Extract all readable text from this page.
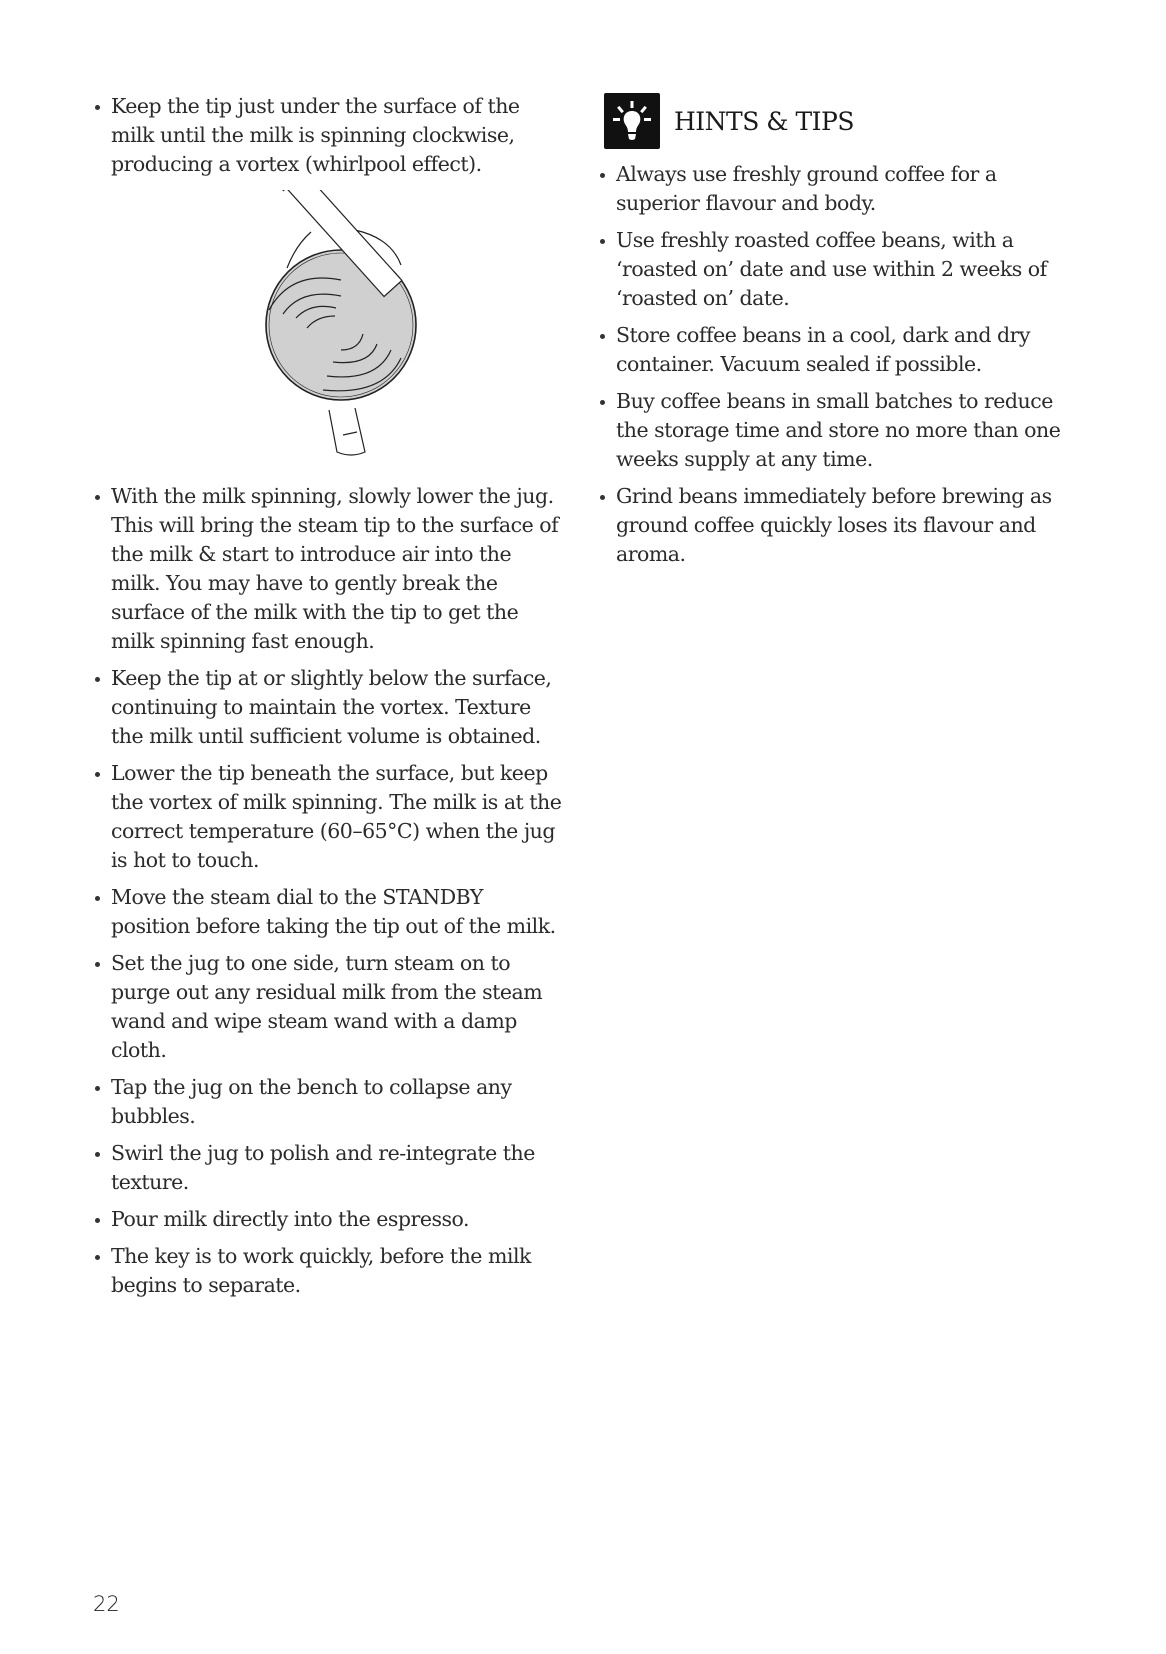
Keep the tip just under the surface of the milk until the milk is spinning clockwise, producing a vortex (whirlpool effect).
With the milk spinning, slowly lower the jug. This will bring the steam tip to the surface of the milk & start to introduce air into the milk. You may have to gently break the surface of the milk with the tip to get the milk spinning fast enough.
Keep the tip at or slightly below the surface, continuing to maintain the vortex. Texture the milk until sufficient volume is obtained.
Lower the tip beneath the surface, but keep the vortex of milk spinning. The milk is at the correct temperature (60–65°C) when the jug is hot to touch.
Move the steam dial to the STANDBY position before taking the tip out of the milk.
Set the jug to one side, turn steam on to purge out any residual milk from the steam wand and wipe steam wand with a damp cloth.
Tap the jug on the bench to collapse any bubbles.
Swirl the jug to polish and re-integrate the texture.
Pour milk directly into the espresso.
The key is to work quickly, before the milk begins to separate.
HINTS & TIPS
Always use freshly ground coffee for a superior flavour and body.
Use freshly roasted coffee beans, with a ‘roasted on’ date and use within 2 weeks of ‘roasted on’ date.
Store coffee beans in a cool, dark and dry container. Vacuum sealed if possible.
Buy coffee beans in small batches to reduce the storage time and store no more than one weeks supply at any time.
Grind beans immediately before brewing as ground coffee quickly loses its flavour and aroma.
22
